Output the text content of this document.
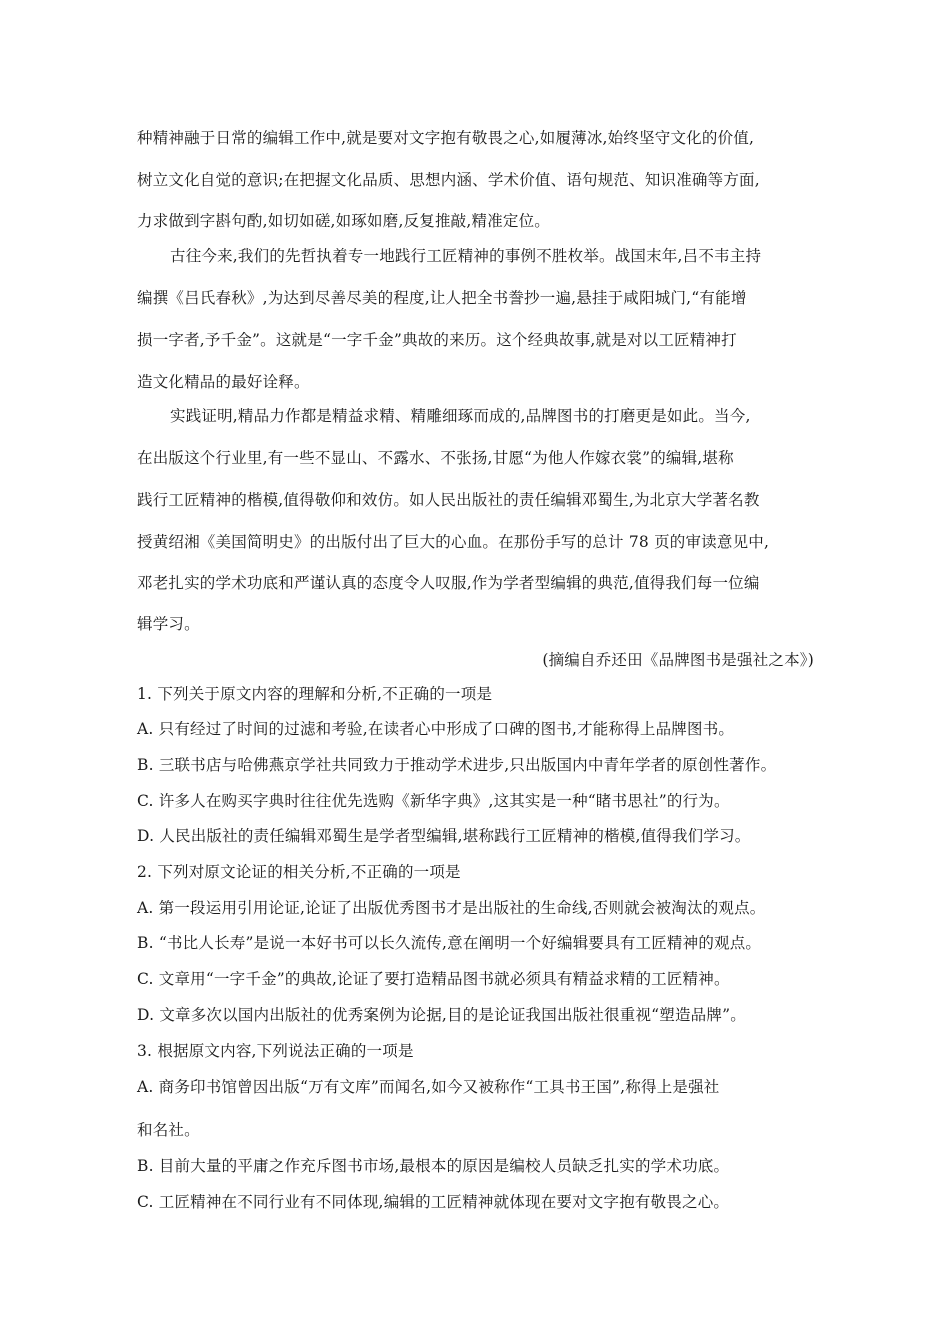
种精神融于日常的编辑工作中,就是要对文字抱有敬畏之心,如履薄冰,始终坚守文化的价值,
树立文化自觉的意识;在把握文化品质、思想内涵、学术价值、语句规范、知识准确等方面,
力求做到字斟句酌,如切如磋,如琢如磨,反复推敲,精准定位。
古往今来,我们的先哲执着专一地践行工匠精神的事例不胜枚举。战国末年,吕不韦主持
编撰《吕氏春秋》,为达到尽善尽美的程度,让人把全书誊抄一遍,悬挂于咸阳城门,“有能增
损一字者,予千金”。这就是“一字千金”典故的来历。这个经典故事,就是对以工匠精神打
造文化精品的最好诠释。
实践证明,精品力作都是精益求精、精雕细琢而成的,品牌图书的打磨更是如此。当今,
在出版这个行业里,有一些不显山、不露水、不张扬,甘愿“为他人作嫁衣裳”的编辑,堪称
践行工匠精神的楷模,值得敬仰和效仿。如人民出版社的责任编辑邓蜀生,为北京大学著名教
授黄绍湘《美国简明史》的出版付出了巨大的心血。在那份手写的总计 78 页的审读意见中,
邓老扎实的学术功底和严谨认真的态度令人叹服,作为学者型编辑的典范,值得我们每一位编
辑学习。
(摘编自乔还田《品牌图书是强社之本》)
1. 下列关于原文内容的理解和分析,不正确的一项是
A. 只有经过了时间的过滤和考验,在读者心中形成了口碑的图书,才能称得上品牌图书。
B. 三联书店与哈佛燕京学社共同致力于推动学术进步,只出版国内中青年学者的原创性著作。
C. 许多人在购买字典时往往优先选购《新华字典》,这其实是一种“睹书思社”的行为。
D. 人民出版社的责任编辑邓蜀生是学者型编辑,堪称践行工匠精神的楷模,值得我们学习。
2. 下列对原文论证的相关分析,不正确的一项是
A. 第一段运用引用论证,论证了出版优秀图书才是出版社的生命线,否则就会被淘汰的观点。
B. “书比人长寿”是说一本好书可以长久流传,意在阐明一个好编辑要具有工匠精神的观点。
C. 文章用“一字千金”的典故,论证了要打造精品图书就必须具有精益求精的工匠精神。
D. 文章多次以国内出版社的优秀案例为论据,目的是论证我国出版社很重视“塑造品牌”。
3. 根据原文内容,下列说法正确的一项是
A. 商务印书馆曾因出版“万有文库”而闻名,如今又被称作“工具书王国”,称得上是强社
和名社。
B. 目前大量的平庸之作充斥图书市场,最根本的原因是编校人员缺乏扎实的学术功底。
C. 工匠精神在不同行业有不同体现,编辑的工匠精神就体现在要对文字抱有敬畏之心。
